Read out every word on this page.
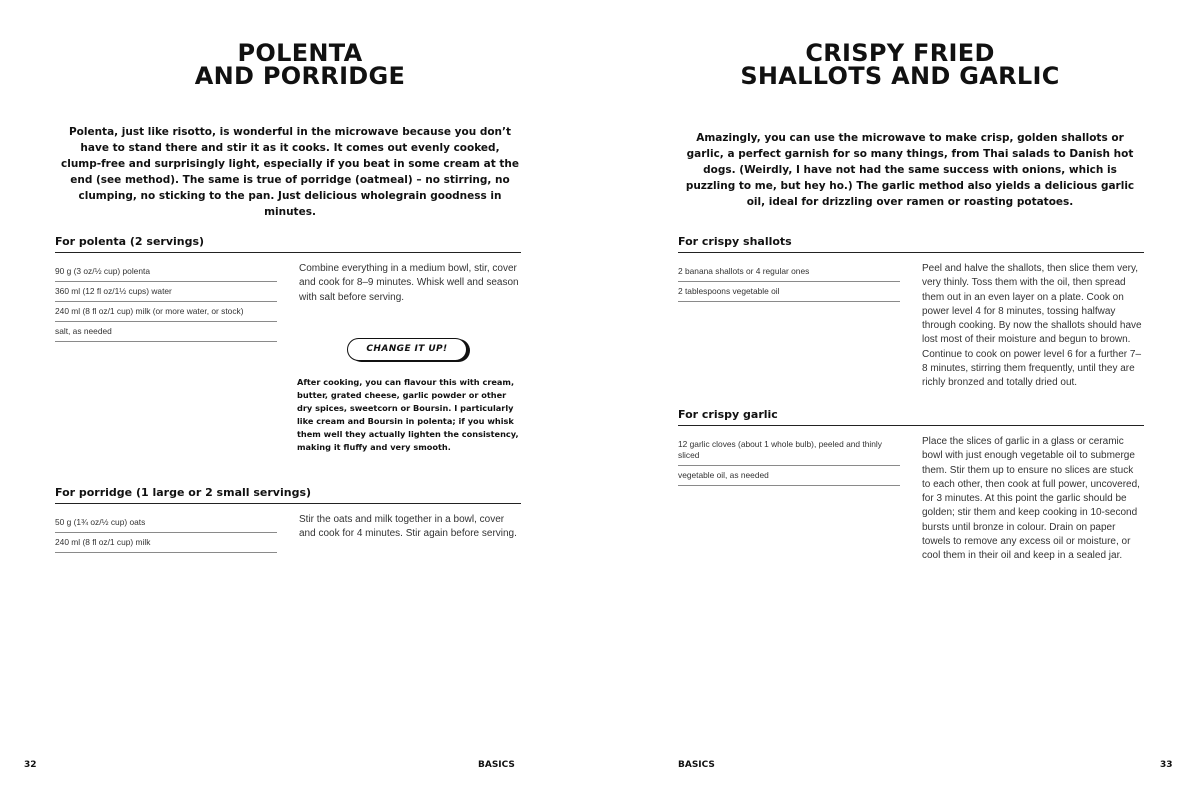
POLENTA
AND PORRIDGE
Polenta, just like risotto, is wonderful in the microwave because you don’t have to stand there and stir it as it cooks. It comes out evenly cooked, clump-free and surprisingly light, especially if you beat in some cream at the end (see method). The same is true of porridge (oatmeal) – no stirring, no clumping, no sticking to the pan. Just delicious wholegrain goodness in minutes.
For polenta (2 servings)
90 g (3 oz/½ cup) polenta
360 ml (12 fl oz/1½ cups) water
240 ml (8 fl oz/1 cup) milk (or more water, or stock)
salt, as needed
Combine everything in a medium bowl, stir, cover and cook for 8–9 minutes. Whisk well and season with salt before serving.
CHANGE IT UP!
After cooking, you can flavour this with cream, butter, grated cheese, garlic powder or other dry spices, sweetcorn or Boursin. I particularly like cream and Boursin in polenta; if you whisk them well they actually lighten the consistency, making it fluffy and very smooth.
For porridge (1 large or 2 small servings)
50 g (1¾ oz/½ cup) oats
240 ml (8 fl oz/1 cup) milk
Stir the oats and milk together in a bowl, cover and cook for 4 minutes. Stir again before serving.
32	BASICS
CRISPY FRIED
SHALLOTS AND GARLIC
Amazingly, you can use the microwave to make crisp, golden shallots or garlic, a perfect garnish for so many things, from Thai salads to Danish hot dogs. (Weirdly, I have not had the same success with onions, which is puzzling to me, but hey ho.) The garlic method also yields a delicious garlic oil, ideal for drizzling over ramen or roasting potatoes.
For crispy shallots
2 banana shallots or 4 regular ones
2 tablespoons vegetable oil
Peel and halve the shallots, then slice them very, very thinly. Toss them with the oil, then spread them out in an even layer on a plate. Cook on power level 4 for 8 minutes, tossing halfway through cooking. By now the shallots should have lost most of their moisture and begun to brown. Continue to cook on power level 6 for a further 7–8 minutes, stirring them frequently, until they are richly bronzed and totally dried out.
For crispy garlic
12 garlic cloves (about 1 whole bulb), peeled and thinly sliced
vegetable oil, as needed
Place the slices of garlic in a glass or ceramic bowl with just enough vegetable oil to submerge them. Stir them up to ensure no slices are stuck to each other, then cook at full power, uncovered, for 3 minutes. At this point the garlic should be golden; stir them and keep cooking in 10-second bursts until bronze in colour. Drain on paper towels to remove any excess oil or moisture, or cool them in their oil and keep in a sealed jar.
BASICS	33
